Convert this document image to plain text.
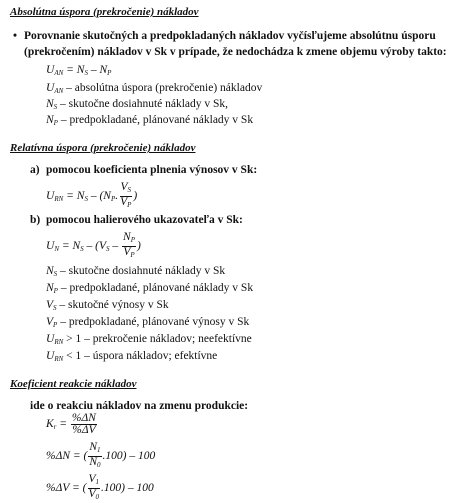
Absolútna úspora (prekročenie) nákladov
• Porovnanie skutočných a predpokladaných nákladov vyčísľujeme absolútnu úsporu
(prekročením) nákladov v Sk v prípade, že nedochádza k zmene objemu výroby takto:
$U_{AN} = N_S - N_P$
$U_{AN}$ – absolútna úspora (prekročenie) nákladov
$N_S$ – skutočne dosiahnuté náklady v Sk,
$N_P$ – predpokladané, plánované náklady v Sk
Relatívna úspora (prekročenie) nákladov
a) pomocou koeficienta plnenia výnosov v Sk:
$U_{RN} = N_S - (N_P$. $\frac{V_S}{V_P}$ )
b) pomocou halierového ukazovateľa v Sk:
$U_N = N_S - (V_S - \frac{N_P}{V_P}$ )
$N_S$ – skutočne dosiahnuté náklady v Sk
$N_P$ – predpokladané, plánované náklady v Sk
$V_S$ – skutočné výnosy v Sk
$V_P$ – predpokladané, plánované výnosy v Sk
$U_{RN} > 1$ – prekročenie nákladov; neefektívne
$U_{RN} < 1$ – úspora nákladov; efektívne
Koeficient reakcie nákladov
ide o reakciu nákladov na zmenu produkcie:
$K_r = \frac{\%\Delta N}{\%\Delta V}$
%ΔN = ( $\frac{N_1}{N_0} .100) - 100$
%ΔV = ( $\frac{V_1}{V_0} .100) - 100$
